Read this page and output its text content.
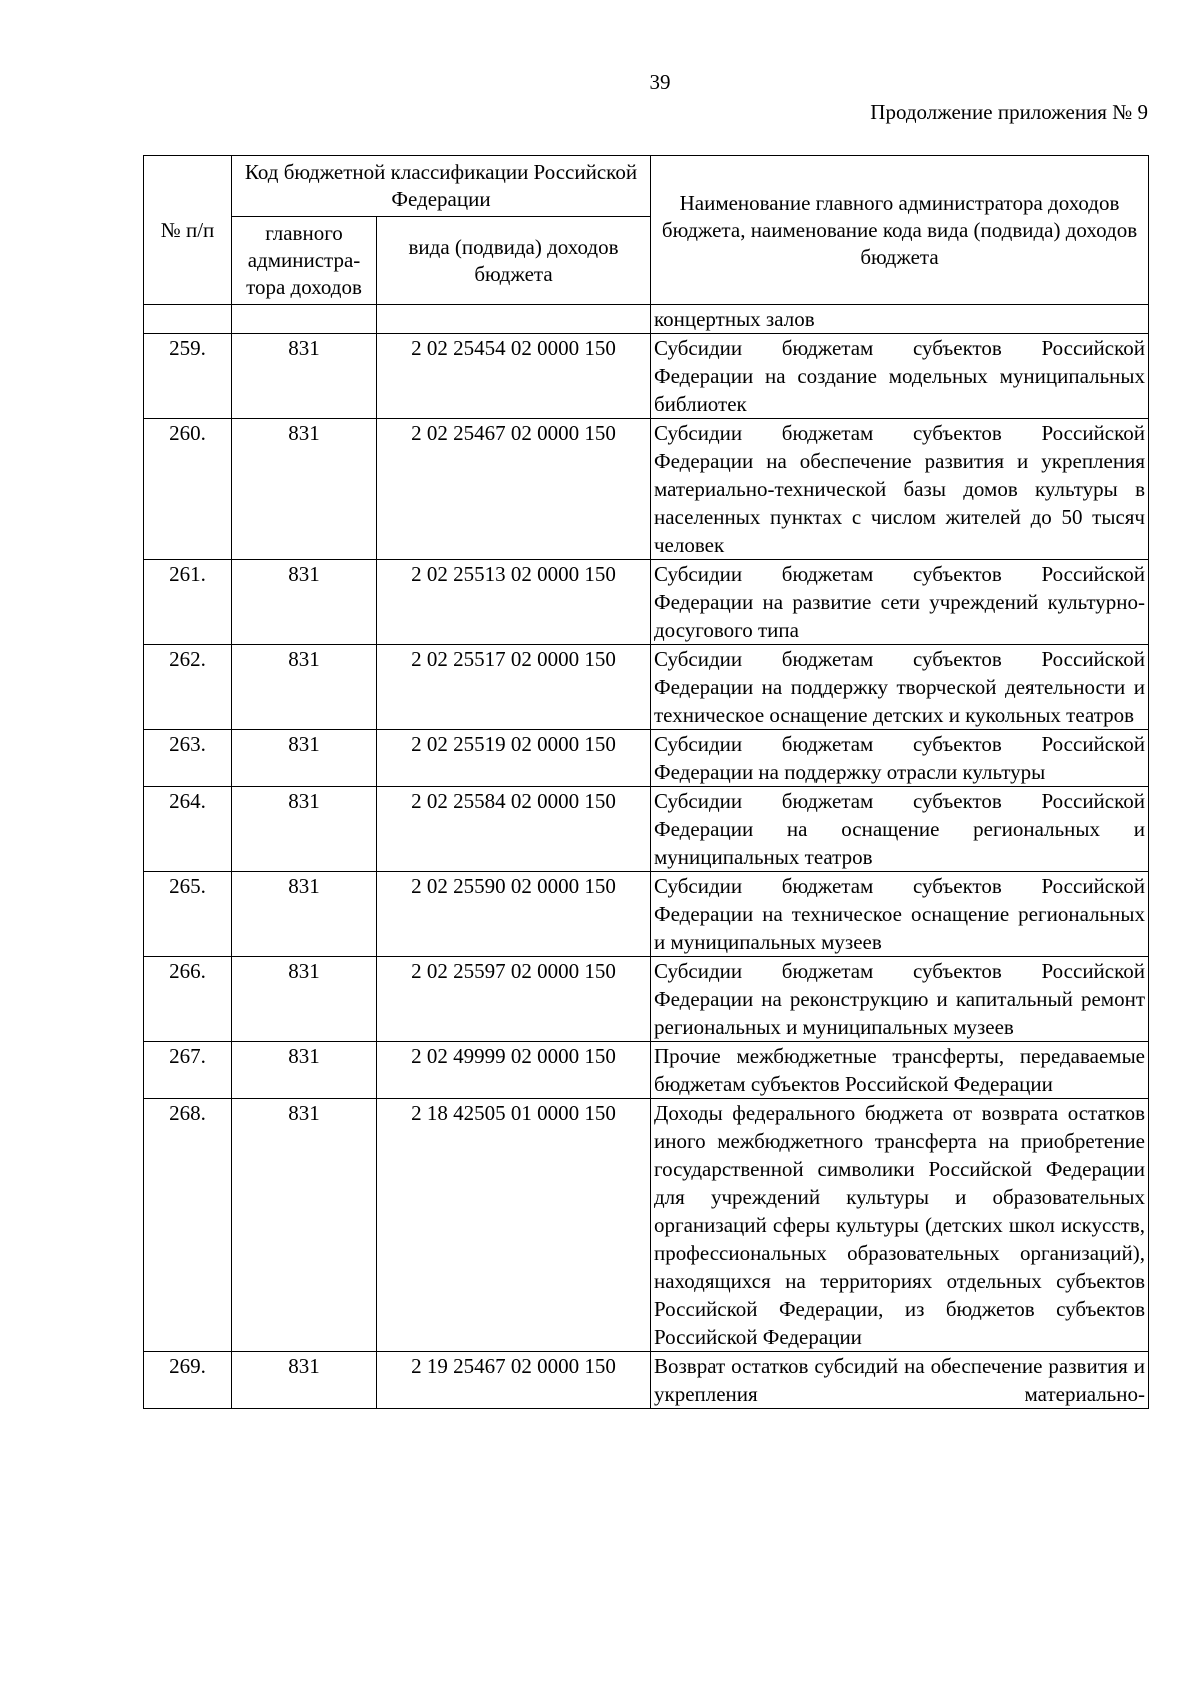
39
Продолжение приложения № 9
№ п/п	Код бюджетной классификации Российской Федерации		Наименование главного администратора доходов бюджета, наименование кода вида (подвида) доходов бюджета
	главного администра-тора доходов	вида (подвида) доходов бюджета	
			концертных залов
259.	831	2 02 25454 02 0000 150	Субсидии бюджетам субъектов Российской Федерации на создание модельных муниципальных библиотек
260.	831	2 02 25467 02 0000 150	Субсидии бюджетам субъектов Российской Федерации на обеспечение развития и укрепления материально-технической базы домов культуры в населенных пунктах с числом жителей до 50 тысяч человек
261.	831	2 02 25513 02 0000 150	Субсидии бюджетам субъектов Российской Федерации на развитие сети учреждений культурно-досугового типа
262.	831	2 02 25517 02 0000 150	Субсидии бюджетам субъектов Российской Федерации на поддержку творческой деятельности и техническое оснащение детских и кукольных театров
263.	831	2 02 25519 02 0000 150	Субсидии бюджетам субъектов Российской Федерации на поддержку отрасли культуры
264.	831	2 02 25584 02 0000 150	Субсидии бюджетам субъектов Российской Федерации на оснащение региональных и муниципальных театров
265.	831	2 02 25590 02 0000 150	Субсидии бюджетам субъектов Российской Федерации на техническое оснащение региональных и муниципальных музеев
266.	831	2 02 25597 02 0000 150	Субсидии бюджетам субъектов Российской Федерации на реконструкцию и капитальный ремонт региональных и муниципальных музеев
267.	831	2 02 49999 02 0000 150	Прочие межбюджетные трансферты, передаваемые бюджетам субъектов Российской Федерации
268.	831	2 18 42505 01 0000 150	Доходы федерального бюджета от возврата остатков иного межбюджетного трансферта на приобретение государственной символики Российской Федерации для учреждений культуры и образовательных организаций сферы культуры (детских школ искусств, профессиональных образовательных организаций), находящихся на территориях отдельных субъектов Российской Федерации, из бюджетов субъектов Российской Федерации
269.	831	2 19 25467 02 0000 150	Возврат остатков субсидий на обеспечение развития и укрепления материально-
